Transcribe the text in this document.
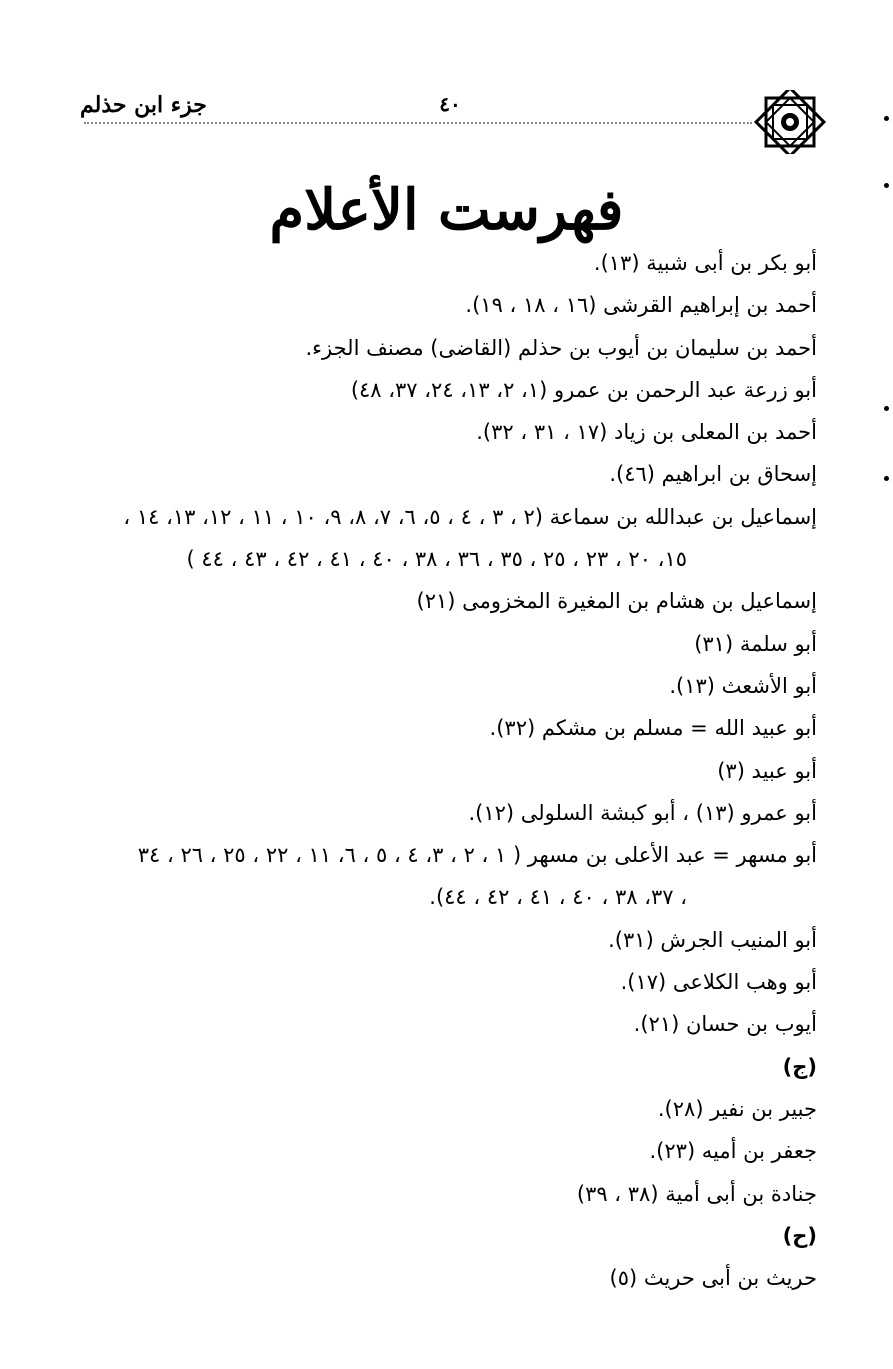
٤٠
جزء ابن حذلم
فهرست الأعلام
أبو بكر بن أبى شبية (١٣).
أحمد بن إبراهيم القرشى (١٦ ، ١٨ ، ١٩).
أحمد بن سليمان بن أيوب بن حذلم (القاضى) مصنف الجزء.
أبو زرعة عبد الرحمن بن عمرو (١، ٢، ١٣، ٢٤، ٣٧، ٤٨)
أحمد بن المعلى بن زياد (١٧ ، ٣١ ، ٣٢).
إسحاق بن ابراهيم (٤٦).
إسماعيل بن عبدالله بن سماعة (٢ ، ٣ ، ٤ ، ٥، ٦، ٧، ٨، ٩، ١٠ ، ١١ ، ١٢، ١٣، ١٤ ،
١٥، ٢٠ ، ٢٣ ، ٢٥ ، ٣٥ ، ٣٦ ، ٣٨ ، ٤٠ ، ٤١ ، ٤٢ ، ٤٣ ، ٤٤ )
إسماعيل بن هشام بن المغيرة المخزومى (٢١)
أبو سلمة (٣١)
أبو الأشعث (١٣).
أبو عبيد الله = مسلم بن مشكم (٣٢).
أبو عبيد (٣)
أبو عمرو (١٣) ، أبو كبشة السلولى (١٢).
أبو مسهر = عبد الأعلى بن مسهر ( ١ ، ٢ ، ٣، ٤ ، ٥ ، ٦، ١١ ، ٢٢ ، ٢٥ ، ٢٦ ، ٣٤
، ٣٧، ٣٨ ، ٤٠ ، ٤١ ، ٤٢ ، ٤٤).
أبو المنيب الجرش (٣١).
أبو وهب الكلاعى (١٧).
أيوب بن حسان (٢١).
(ج)
جبير بن نفير (٢٨).
جعفر بن أميه (٢٣).
جنادة بن أبى أمية (٣٨ ، ٣٩)
(ح)
حريث بن أبى حريث (٥)
